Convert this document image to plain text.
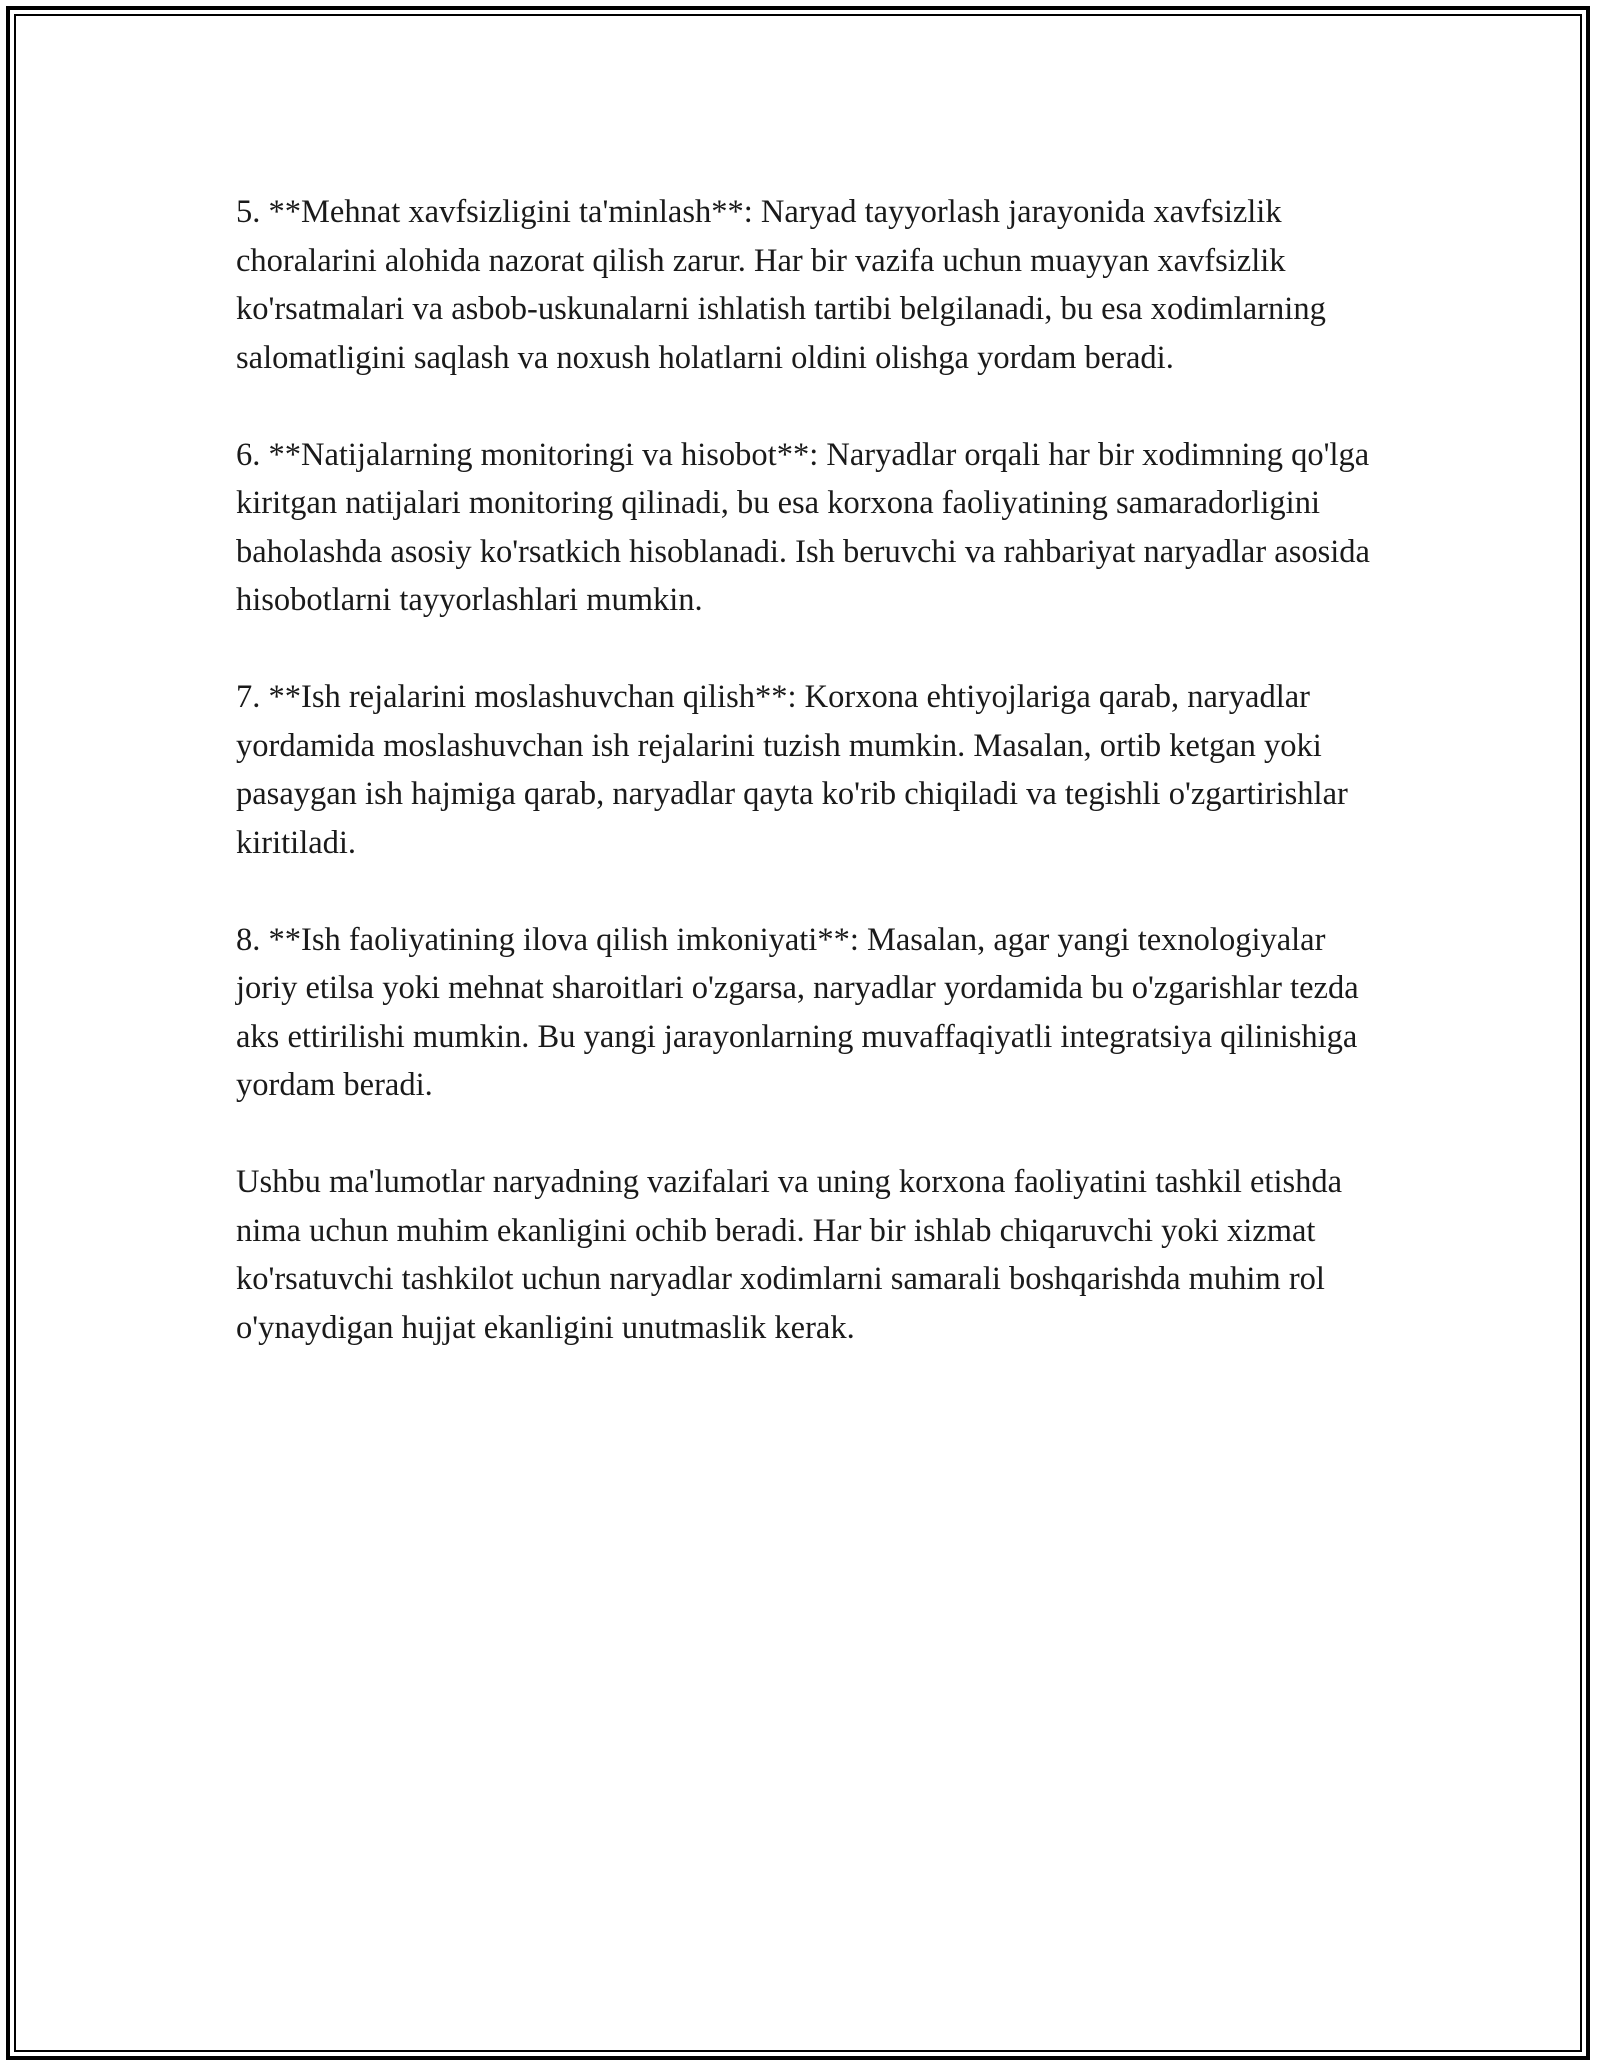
5. **Mehnat xavfsizligini ta'minlash**: Naryad tayyorlash jarayonida xavfsizlik choralarini alohida nazorat qilish zarur. Har bir vazifa uchun muayyan xavfsizlik ko'rsatmalari va asbob-uskunalarni ishlatish tartibi belgilanadi, bu esa xodimlarning salomatligini saqlash va noxush holatlarni oldini olishga yordam beradi.

6. **Natijalarning monitoringi va hisobot**: Naryadlar orqali har bir xodimning qo'lga kiritgan natijalari monitoring qilinadi, bu esa korxona faoliyatining samaradorligini baholashda asosiy ko'rsatkich hisoblanadi. Ish beruvchi va rahbariyat naryadlar asosida hisobotlarni tayyorlashlari mumkin.

7. **Ish rejalarini moslashuvchan qilish**: Korxona ehtiyojlariga qarab, naryadlar yordamida moslashuvchan ish rejalarini tuzish mumkin. Masalan, ortib ketgan yoki pasaygan ish hajmiga qarab, naryadlar qayta ko'rib chiqiladi va tegishli o'zgartirishlar kiritiladi.

8. **Ish faoliyatining ilova qilish imkoniyati**: Masalan, agar yangi texnologiyalar joriy etilsa yoki mehnat sharoitlari o'zgarsa, naryadlar yordamida bu o'zgarishlar tezda aks ettirilishi mumkin. Bu yangi jarayonlarning muvaffaqiyatli integratsiya qilinishiga yordam beradi.

Ushbu ma'lumotlar naryadning vazifalari va uning korxona faoliyatini tashkil etishda nima uchun muhim ekanligini ochib beradi. Har bir ishlab chiqaruvchi yoki xizmat ko'rsatuvchi tashkilot uchun naryadlar xodimlarni samarali boshqarishda muhim rol o'ynaydigan hujjat ekanligini unutmaslik kerak.
